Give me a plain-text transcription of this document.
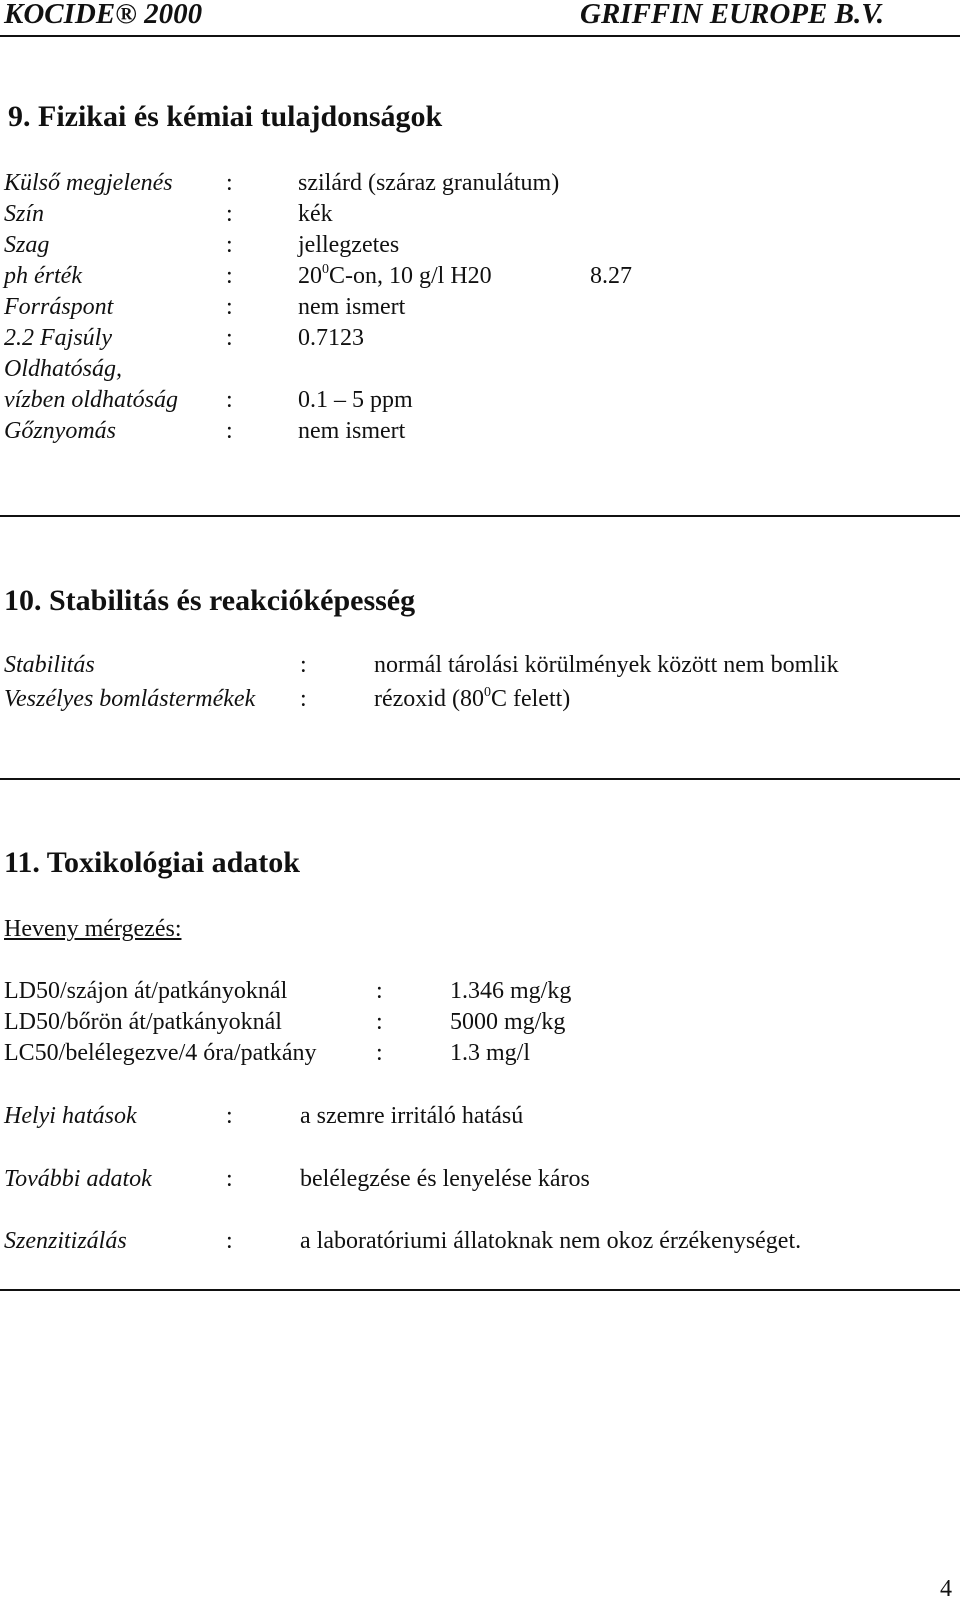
KOCIDE® 2000	GRIFFIN EUROPE B.V.
9. Fizikai és kémiai tulajdonságok
Külső megjelenés :	szilárd (száraz granulátum)
Szín	:	kék
Szag	:	jellegzetes
ph érték	:	$20^0C-on$, 10 g/l H20	8.27
Forráspont	:	nem ismert
2.2 Fajsúly	:	0.7123
Oldhatóság,
vízben oldhatóság :	0.1 – 5 ppm
Gőznyomás	:	nem ismert
10. Stabilitás és reakcióképesség
Stabilitás	:	normál tárolási körülmények között nem bomlik
Veszélyes bomlástermékek :	rézoxid ($80^0C$ felett)
11. Toxikológiai adatok
Heveny mérgezés:
LD50/szájon át/patkányoknál	:	1.346 mg/kg
LD50/bőrön át/patkányoknál	:	5000 mg/kg
LC50/belélegezve/4 óra/patkány :	1.3 mg/l
Helyi hatások	:	a szemre irritáló hatású
További adatok	:	belélegzése és lenyelése káros
Szenzitizálás	:	a laboratóriumi állatoknak nem okoz érzékenységet.
4
